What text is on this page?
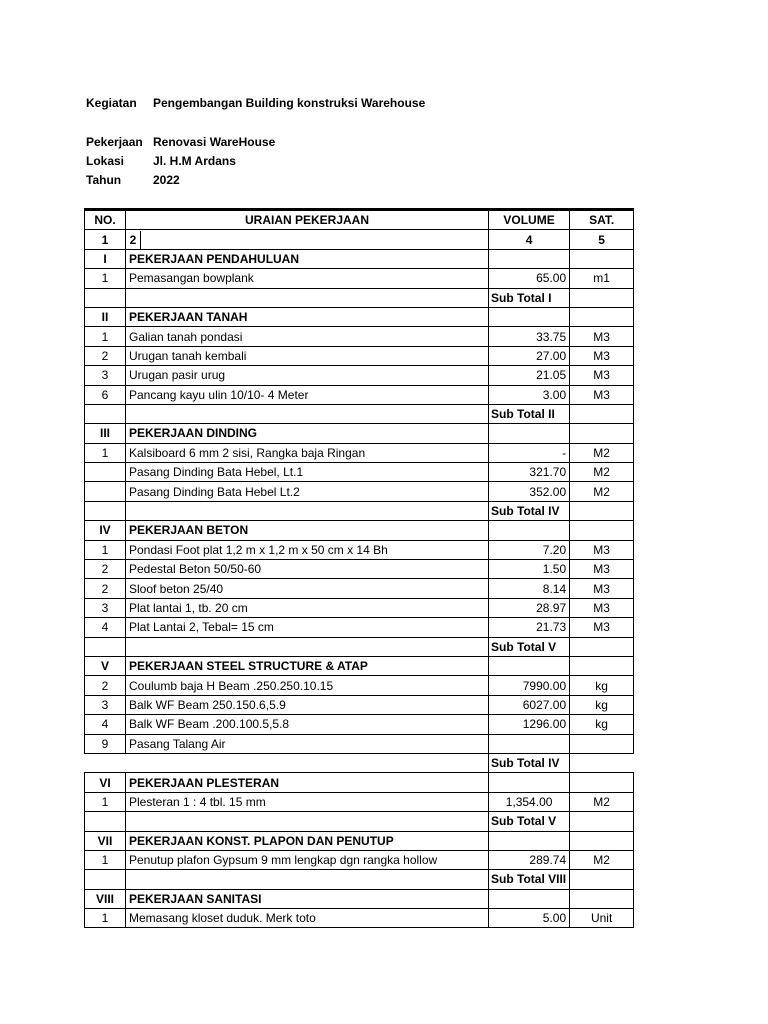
Kegiatan	Pengembangan Building konstruksi Warehouse
Pekerjaan Renovasi WareHouse
Lokasi	Jl. H.M Ardans
Tahun	2022
NO.	URAIAN PEKERJAAN	VOLUME	SAT.
1	2	4	5
I	PEKERJAAN PENDAHULUAN		
1	Pemasangan bowplank	65.00	m1
		Sub Total I	
II	PEKERJAAN TANAH		
1	Galian tanah pondasi	33.75	M3
2	Urugan tanah kembali	27.00	M3
3	Urugan pasir urug	21.05	M3
6	Pancang kayu ulin 10/10- 4 Meter	3.00	M3
		Sub Total II	
III	PEKERJAAN DINDING		
1	Kalsiboard 6 mm 2 sisi, Rangka baja Ringan	-	M2
	Pasang Dinding Bata Hebel, Lt.1	321.70	M2
	Pasang Dinding Bata Hebel Lt.2	352.00	M2
		Sub Total IV	
IV	PEKERJAAN BETON		
1	Pondasi Foot plat 1,2 m x 1,2 m x 50 cm x 14 Bh	7.20	M3
2	Pedestal Beton 50/50-60	1.50	M3
2	Sloof beton 25/40	8.14	M3
3	Plat lantai 1, tb. 20 cm	28.97	M3
4	Plat Lantai 2, Tebal= 15 cm	21.73	M3
		Sub Total V	
V	PEKERJAAN STEEL STRUCTURE & ATAP		
2	Coulumb baja H Beam .250.250.10.15	7990.00	kg
3	Balk WF Beam 250.150.6,5.9	6027.00	kg
4	Balk WF Beam .200.100.5,5.8	1296.00	kg
9	Pasang Talang Air		
		Sub Total IV	
VI	PEKERJAAN PLESTERAN		
1	Plesteran 1 : 4 tbl. 15 mm	1,354.00	M2
		Sub Total V	
VII	PEKERJAAN KONST. PLAPON DAN PENUTUP		
1	Penutup plafon Gypsum 9 mm lengkap dgn rangka hollow	289.74	M2
		Sub Total VIII	
VIII	PEKERJAAN SANITASI		
1	Memasang kloset duduk. Merk toto	5.00	Unit
